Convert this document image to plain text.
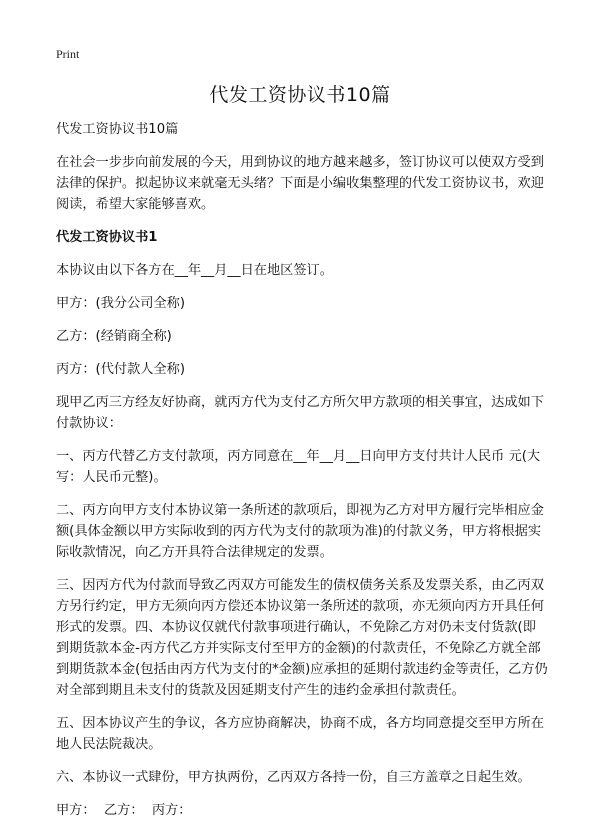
Print
代发工资协议书10篇

代发工资协议书10篇

在社会一步步向前发展的今天，用到协议的地方越来越多，签订协议可以使双方受到法律的保护。拟起协议来就毫无头绪？下面是小编收集整理的代发工资协议书，欢迎阅读，希望大家能够喜欢。

代发工资协议书1

本协议由以下各方在__年__月__日在地区签订。

甲方：(我分公司全称)

乙方：(经销商全称)

丙方：(代付款人全称)

现甲乙丙三方经友好协商，就丙方代为支付乙方所欠甲方款项的相关事宜，达成如下付款协议：

一、丙方代替乙方支付款项，丙方同意在__年__月__日向甲方支付共计人民币 元(大写：人民币元整)。

二、丙方向甲方支付本协议第一条所述的款项后，即视为乙方对甲方履行完毕相应金额(具体金额以甲方实际收到的丙方代为支付的款项为准)的付款义务，甲方将根据实际收款情况，向乙方开具符合法律规定的发票。

三、因丙方代为付款而导致乙丙双方可能发生的债权债务关系及发票关系，由乙丙双方另行约定，甲方无须向丙方偿还本协议第一条所述的款项，亦无须向丙方开具任何形式的发票。四、本协议仅就代付款事项进行确认，不免除乙方对仍未支付货款(即到期货款本金-丙方代乙方并实际支付至甲方的金额)的付款责任，不免除乙方就全部到期货款本金(包括由丙方代为支付的*金额)应承担的延期付款违约金等责任，乙方仍对全部到期且未支付的货款及因延期支付产生的违约金承担付款责任。

五、因本协议产生的争议，各方应协商解决，协商不成，各方均同意提交至甲方所在地人民法院裁决。

六、本协议一式肆份，甲方执两份，乙丙双方各持一份，自三方盖章之日起生效。

甲方：  乙方：  丙方：
